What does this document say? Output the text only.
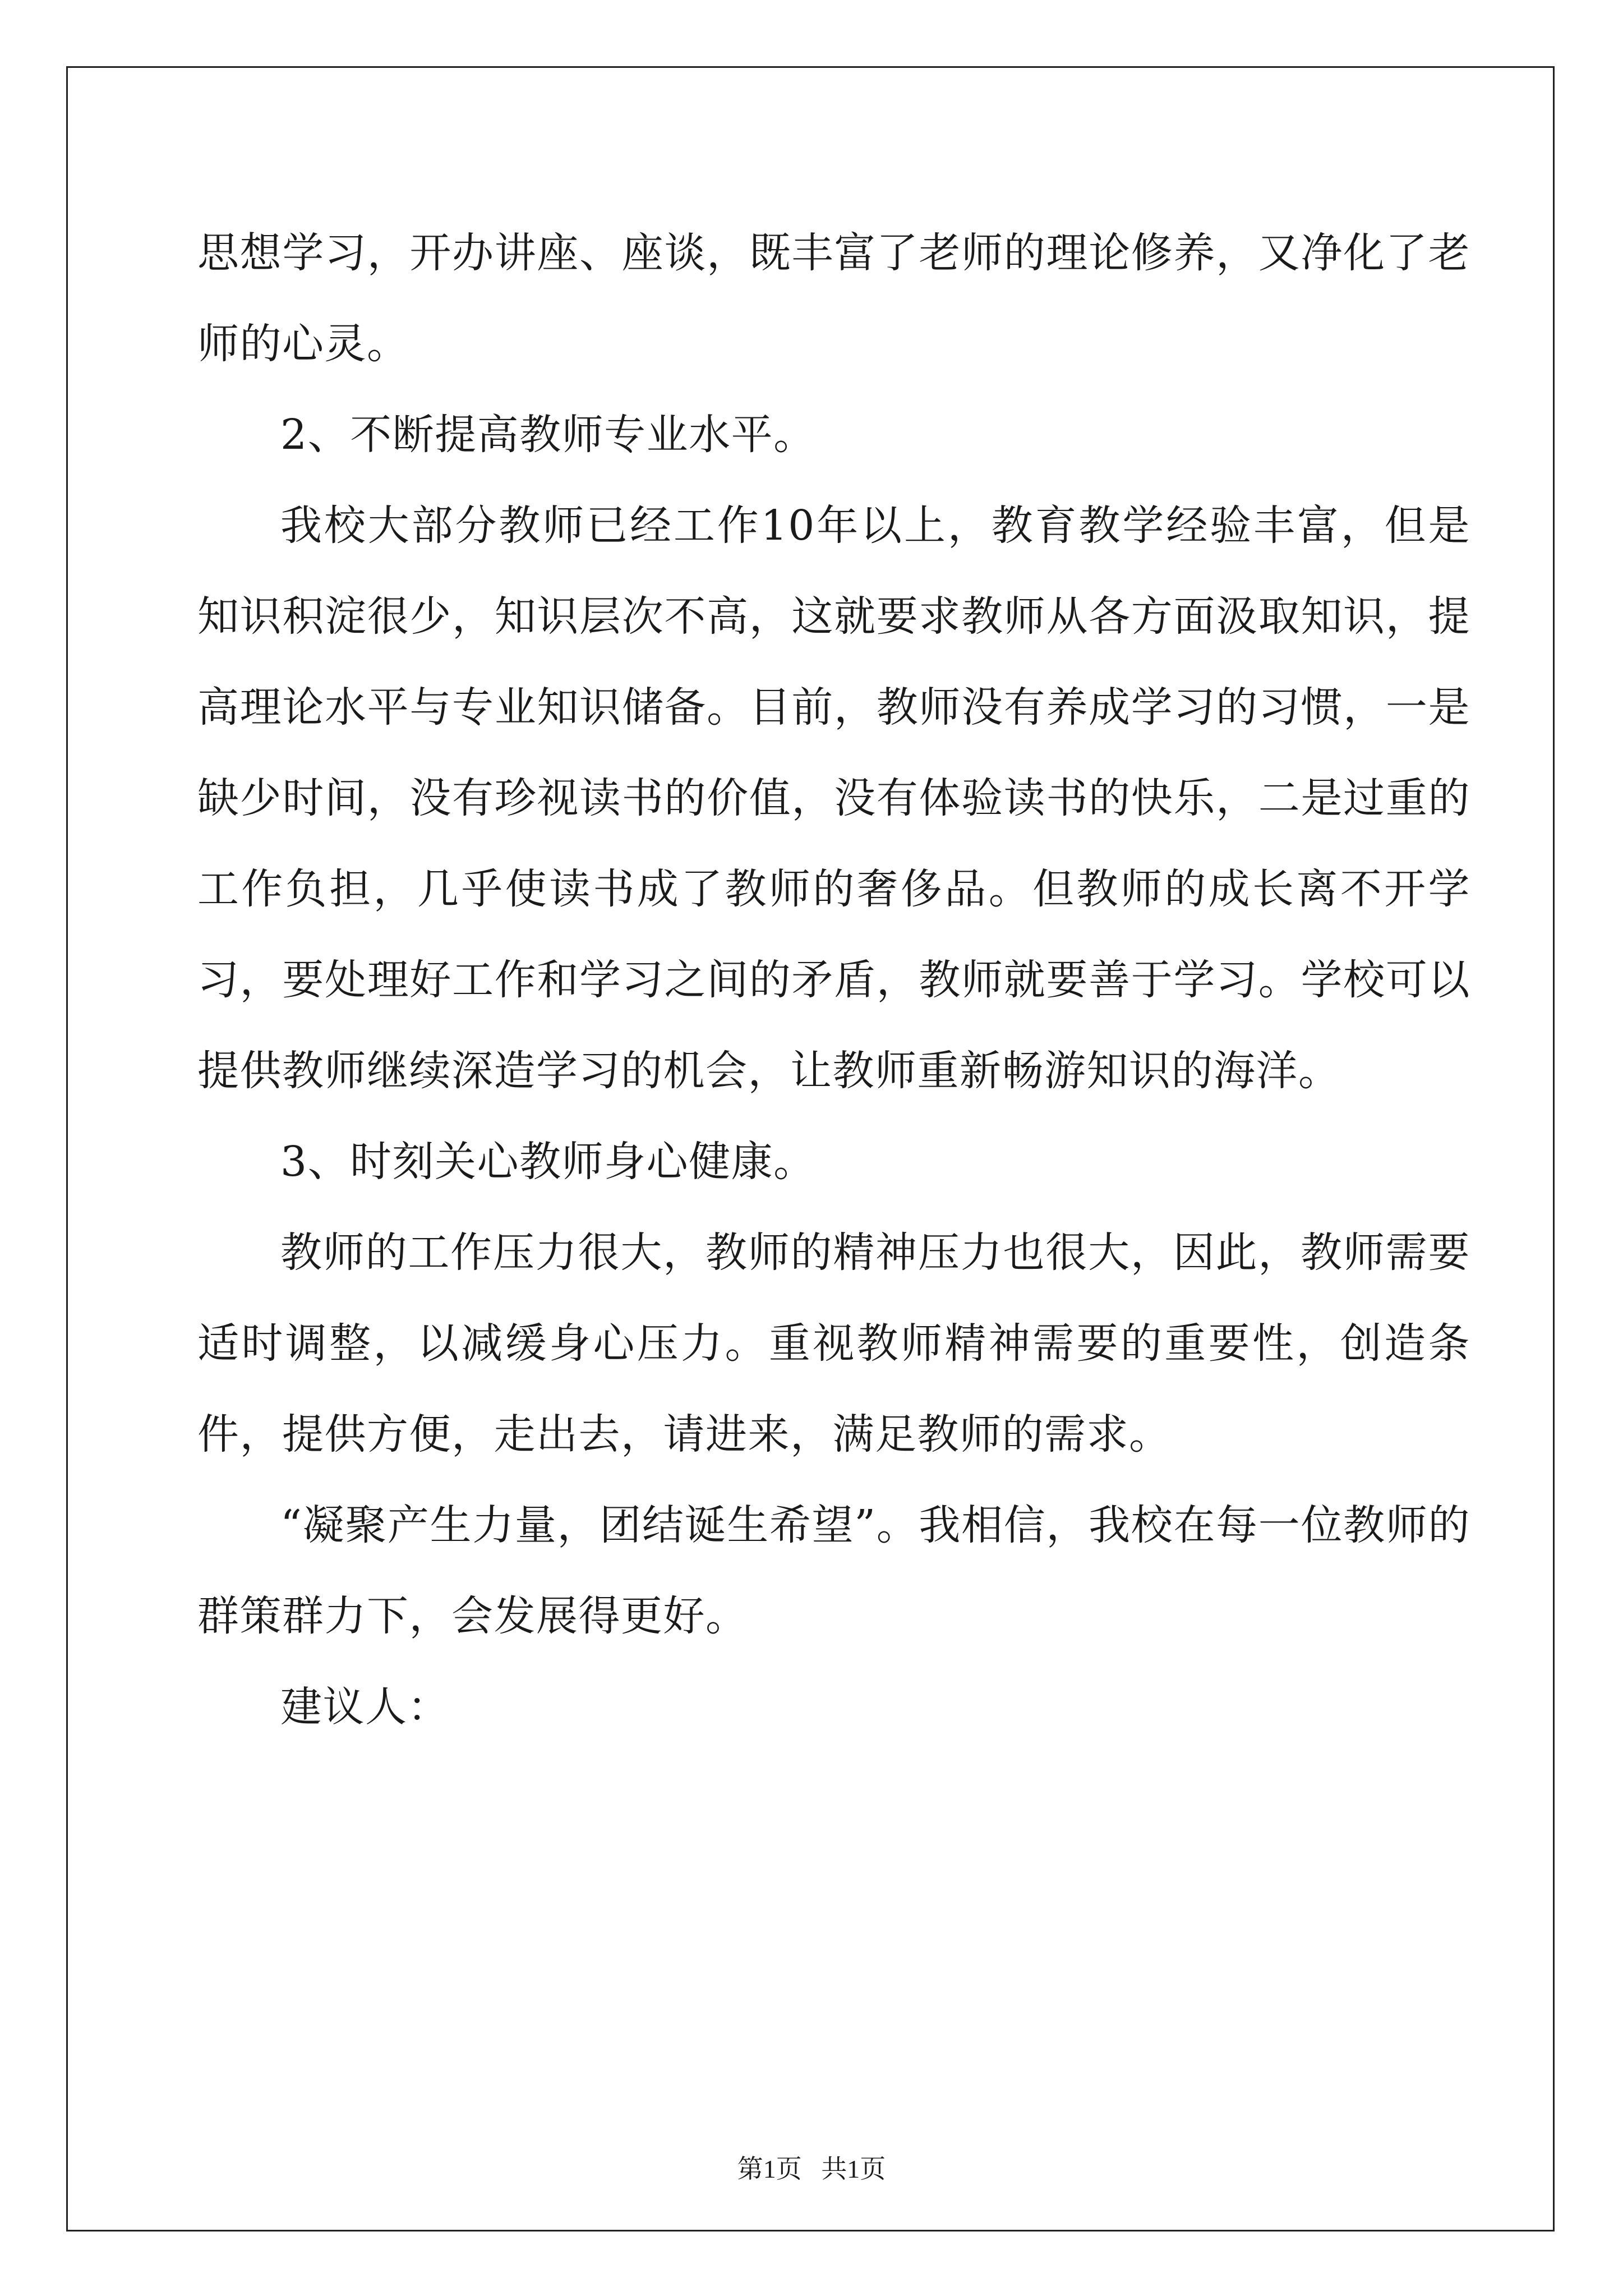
思想学习，开办讲座、座谈，既丰富了老师的理论修养，又净化了老师的心灵。

2、不断提高教师专业水平。

我校大部分教师已经工作10年以上，教育教学经验丰富，但是知识积淀很少，知识层次不高，这就要求教师从各方面汲取知识，提高理论水平与专业知识储备。目前，教师没有养成学习的习惯，一是缺少时间，没有珍视读书的价值，没有体验读书的快乐，二是过重的工作负担，几乎使读书成了教师的奢侈品。但教师的成长离不开学习，要处理好工作和学习之间的矛盾，教师就要善于学习。学校可以提供教师继续深造学习的机会，让教师重新畅游知识的海洋。

3、时刻关心教师身心健康。

教师的工作压力很大，教师的精神压力也很大，因此，教师需要适时调整，以减缓身心压力。重视教师精神需要的重要性，创造条件，提供方便，走出去，请进来，满足教师的需求。

“凝聚产生力量，团结诞生希望”。我相信，我校在每一位教师的群策群力下，会发展得更好。

建议人：

第1页 共1页
